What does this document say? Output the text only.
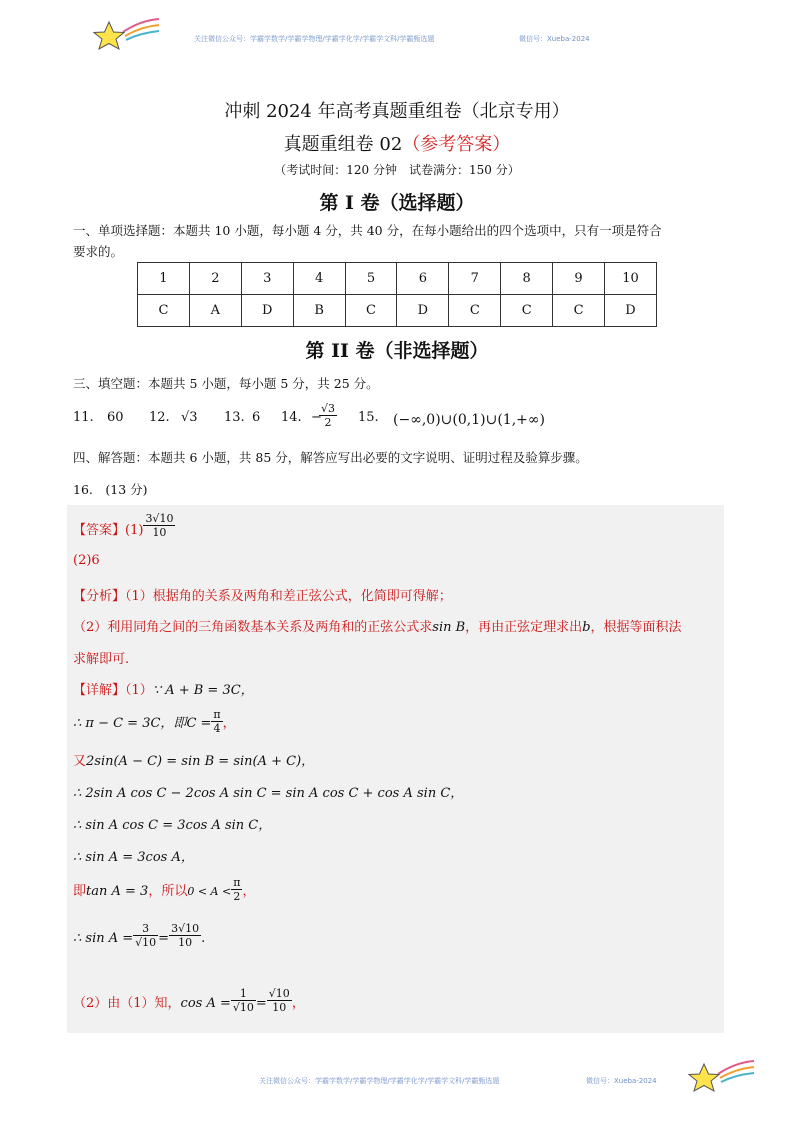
关注微信公众号：学霸学数学/学霸学物理/学霸学化学/学霸学文科/学霸甄选题	微信号：Xueba-2024
冲刺 2024 年高考真题重组卷（北京专用）
真题重组卷 02（参考答案）
（考试时间：120 分钟　试卷满分：150 分）
第 I 卷（选择题）
一、单项选择题：本题共 10 小题，每小题 4 分，共 40 分，在每小题给出的四个选项中，只有一项是符合
要求的。
1	2	3	4	5	6	7	8	9	10
C	A	D	B	C	D	C	C	C	D
第 II 卷（非选择题）
三、填空题：本题共 5 小题，每小题 5 分，共 25 分。
11. 60 12. √3 13. 6 14. −
$\frac{√3}{2} 15$. (−∞,0)∪(0,1)∪(1,+∞)
四、解答题：本题共 6 小题，共 85 分，解答应写出必要的文字说明、证明过程及验算步骤。
16.　(13 分)
【答案】$(1) \frac{3√10}{10}$
(2)6
【分析】（1）根据角的关系及两角和差正弦公式，化简即可得解；
（2）利用同角之间的三角函数基本关系及两角和的正弦公式求sin B，再由正弦定理求出b，根据等面积法
求解即可.
【详解】（1）∵ A + B = 3C，
∴ π − C = 3C，即$C = \frac{\pi}{4}$ ，
又2sin(A − C) = sin B = sin(A + C)，
∴ 2sin A cos C − 2cos A sin C = sin A cos C + cos A sin C，
∴ sin A cos C = 3cos A sin C，
∴ sin A = 3cos A，
即tan A = 3，所以$0 < A < \frac{\pi}{2}$ ，
∴ $\sin A = \frac{3}{√10} = \frac{3√10}{10}$ .
（2）由（1）知，$\cos A = \frac{1}{√10} = \frac{√10}{10}$ ，
关注微信公众号：学霸学数学/学霸学物理/学霸学化学/学霸学文科/学霸甄选题	微信号：Xueba-2024
